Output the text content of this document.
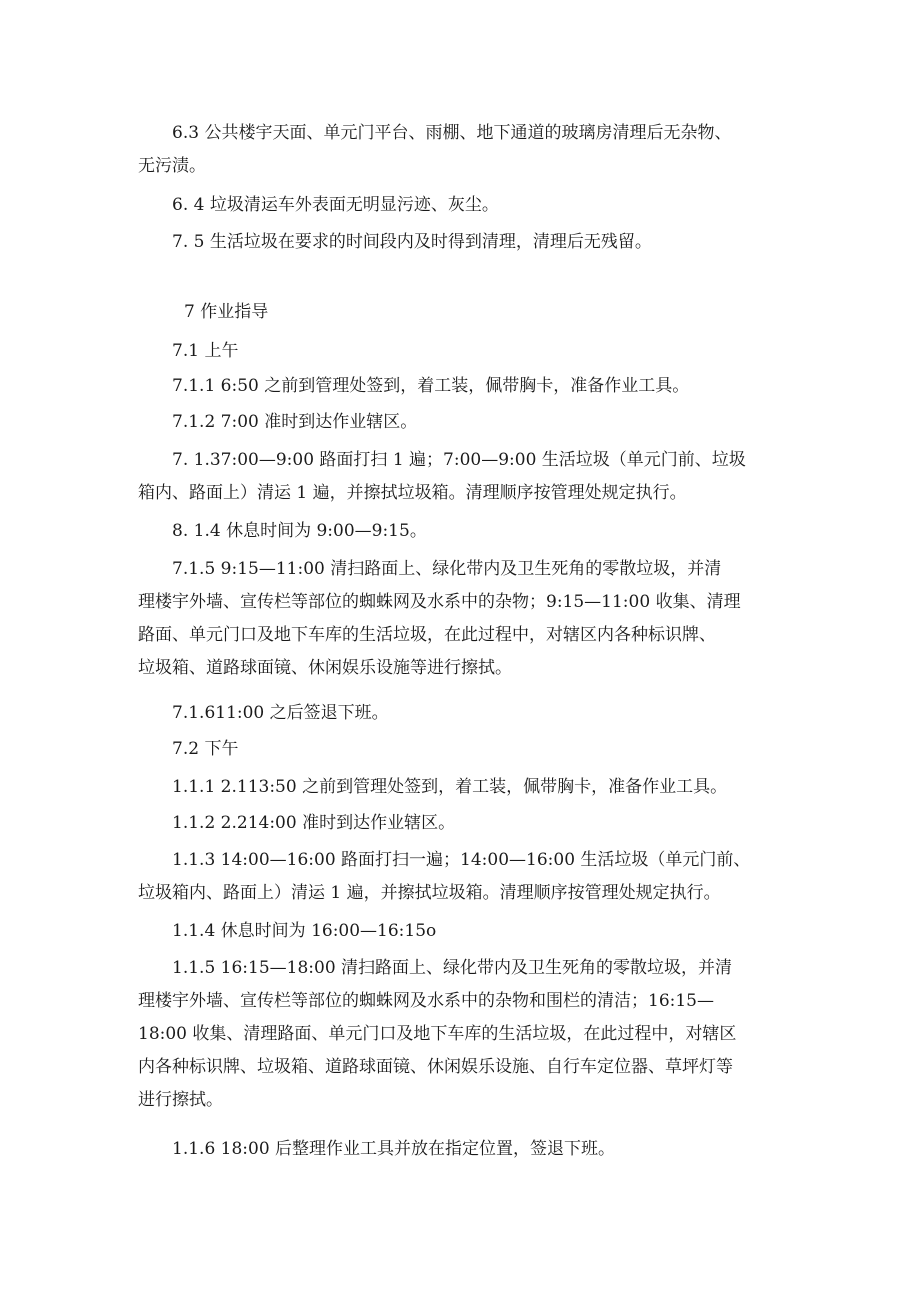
6.3 公共楼宇天面、单元门平台、雨棚、地下通道的玻璃房清理后无杂物、
无污渍。

6. 4 垃圾清运车外表面无明显污迹、灰尘。

7. 5 生活垃圾在要求的时间段内及时得到清理，清理后无残留。

7 作业指导

7.1 上午

7.1.1 6:50 之前到管理处签到，着工装，佩带胸卡，准备作业工具。

7.1.2 7:00 准时到达作业辖区。

7. 1.37:00—9:00 路面打扫 1 遍；7:00—9:00 生活垃圾（单元门前、垃圾
箱内、路面上）清运 1 遍，并擦拭垃圾箱。清理顺序按管理处规定执行。

8. 1.4 休息时间为 9:00—9:15。

7.1.5 9:15—11:00 清扫路面上、绿化带内及卫生死角的零散垃圾，并清
理楼宇外墙、宣传栏等部位的蜘蛛网及水系中的杂物；9:15—11:00 收集、清理
路面、单元门口及地下车库的生活垃圾，在此过程中，对辖区内各种标识牌、
垃圾箱、道路球面镜、休闲娱乐设施等进行擦拭。

7.1.611:00 之后签退下班。

7.2 下午

1.1.1 2.113:50 之前到管理处签到，着工装，佩带胸卡，准备作业工具。

1.1.2 2.214:00 准时到达作业辖区。

1.1.3 14:00—16:00 路面打扫一遍；14:00—16:00 生活垃圾（单元门前、
垃圾箱内、路面上）清运 1 遍，并擦拭垃圾箱。清理顺序按管理处规定执行。

1.1.4 休息时间为 16:00—16:15o

1.1.5 16:15—18:00 清扫路面上、绿化带内及卫生死角的零散垃圾，并清
理楼宇外墙、宣传栏等部位的蜘蛛网及水系中的杂物和围栏的清洁；16:15—
18:00 收集、清理路面、单元门口及地下车库的生活垃圾，在此过程中，对辖区
内各种标识牌、垃圾箱、道路球面镜、休闲娱乐设施、自行车定位器、草坪灯等
进行擦拭。

1.1.6 18:00 后整理作业工具并放在指定位置，签退下班。
